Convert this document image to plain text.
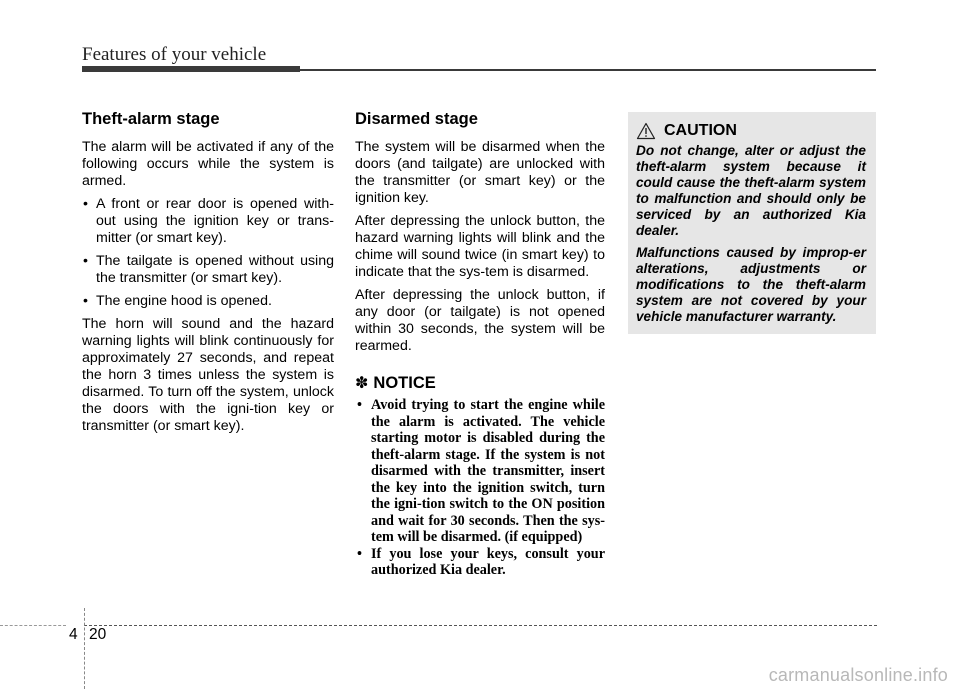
Features of your vehicle
Theft-alarm stage

The alarm will be activated if any of the following occurs while the system is armed.

• A front or rear door is opened with-out using the ignition key or trans-mitter (or smart key).
• The tailgate is opened without using the transmitter (or smart key).
• The engine hood is opened.

The horn will sound and the hazard warning lights will blink continuously for approximately 27 seconds, and repeat the horn 3 times unless the system is disarmed. To turn off the system, unlock the doors with the igni-tion key or transmitter (or smart key).

Disarmed stage

The system will be disarmed when the doors (and tailgate) are unlocked with the transmitter (or smart key) or the ignition key.

After depressing the unlock button, the hazard warning lights will blink and the chime will sound twice (in smart key) to indicate that the sys-tem is disarmed.

After depressing the unlock button, if any door (or tailgate) is not opened within 30 seconds, the system will be rearmed.

✽ NOTICE
• Avoid trying to start the engine while the alarm is activated. The vehicle starting motor is disabled during the theft-alarm stage. If the system is not disarmed with the transmitter, insert the key into the ignition switch, turn the igni-tion switch to the ON position and wait for 30 seconds. Then the sys-tem will be disarmed. (if equipped)
• If you lose your keys, consult your authorized Kia dealer.
CAUTION

Do not change, alter or adjust the theft-alarm system because it could cause the theft-alarm system to malfunction and should only be serviced by an authorized Kia dealer.

Malfunctions caused by improp-er alterations, adjustments or modifications to the theft-alarm system are not covered by your vehicle manufacturer warranty.

4 20
carmanualsonline.info
